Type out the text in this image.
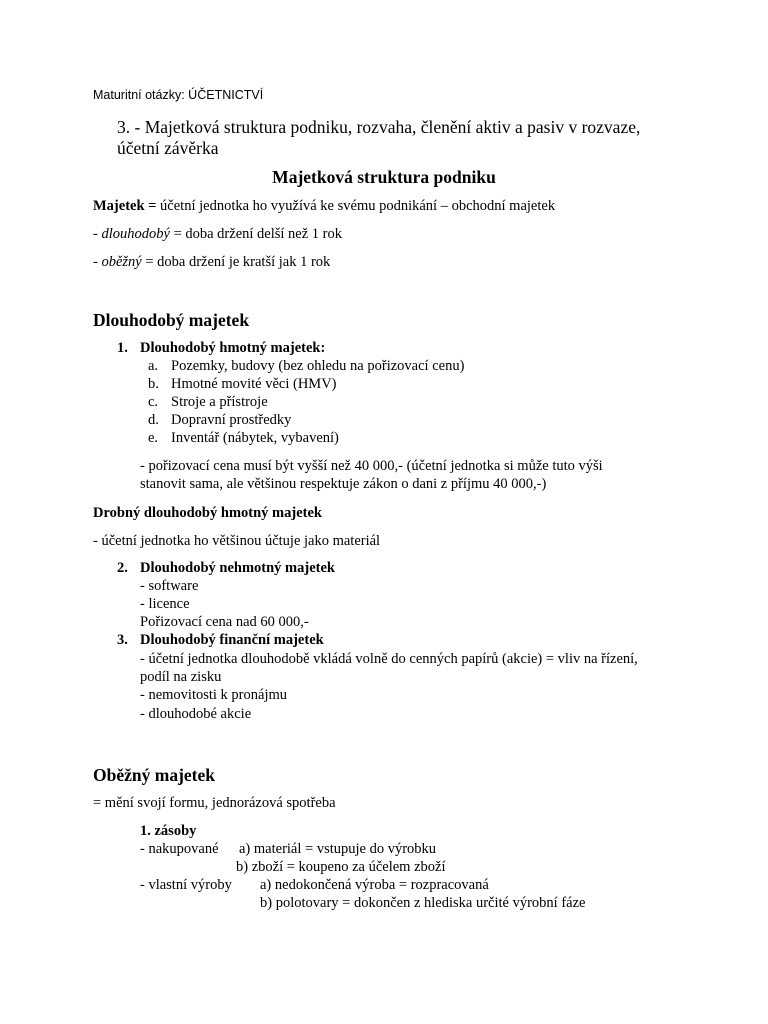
Maturitní otázky: ÚČETNICTVÍ
3. - Majetková struktura podniku, rozvaha, členění aktiv a pasiv v rozvaze, účetní závěrka
Majetková struktura podniku
Majetek = účetní jednotka ho využívá ke svému podnikání – obchodní majetek
- dlouhodobý = doba držení delší než 1 rok
- oběžný = doba držení je kratší jak 1 rok
Dlouhodobý majetek
1. Dlouhodobý hmotný majetek:
a. Pozemky, budovy (bez ohledu na pořizovací cenu)
b. Hmotné movité věci (HMV)
c. Stroje a přístroje
d. Dopravní prostředky
e. Inventář (nábytek, vybavení)
- pořizovací cena musí být vyšší než 40 000,- (účetní jednotka si může tuto výši
stanovit sama, ale většinou respektuje zákon o dani z příjmu 40 000,-)
Drobný dlouhodobý hmotný majetek
- účetní jednotka ho většinou účtuje jako materiál
2. Dlouhodobý nehmotný majetek
- software
- licence
Pořizovací cena nad 60 000,-
3. Dlouhodobý finanční majetek
- účetní jednotka dlouhodobě vkládá volně do cenných papírů (akcie) = vliv na řízení,
podíl na zisku
- nemovitosti k pronájmu
- dlouhodobé akcie
Oběžný majetek
= mění svojí formu, jednorázová spotřeba
1. zásoby
- nakupované a) materiál = vstupuje do výrobku
b) zboží = koupeno za účelem zboží
- vlastní výroby a) nedokončená výroba = rozpracovaná
b) polotovary = dokončen z hlediska určité výrobní fáze
